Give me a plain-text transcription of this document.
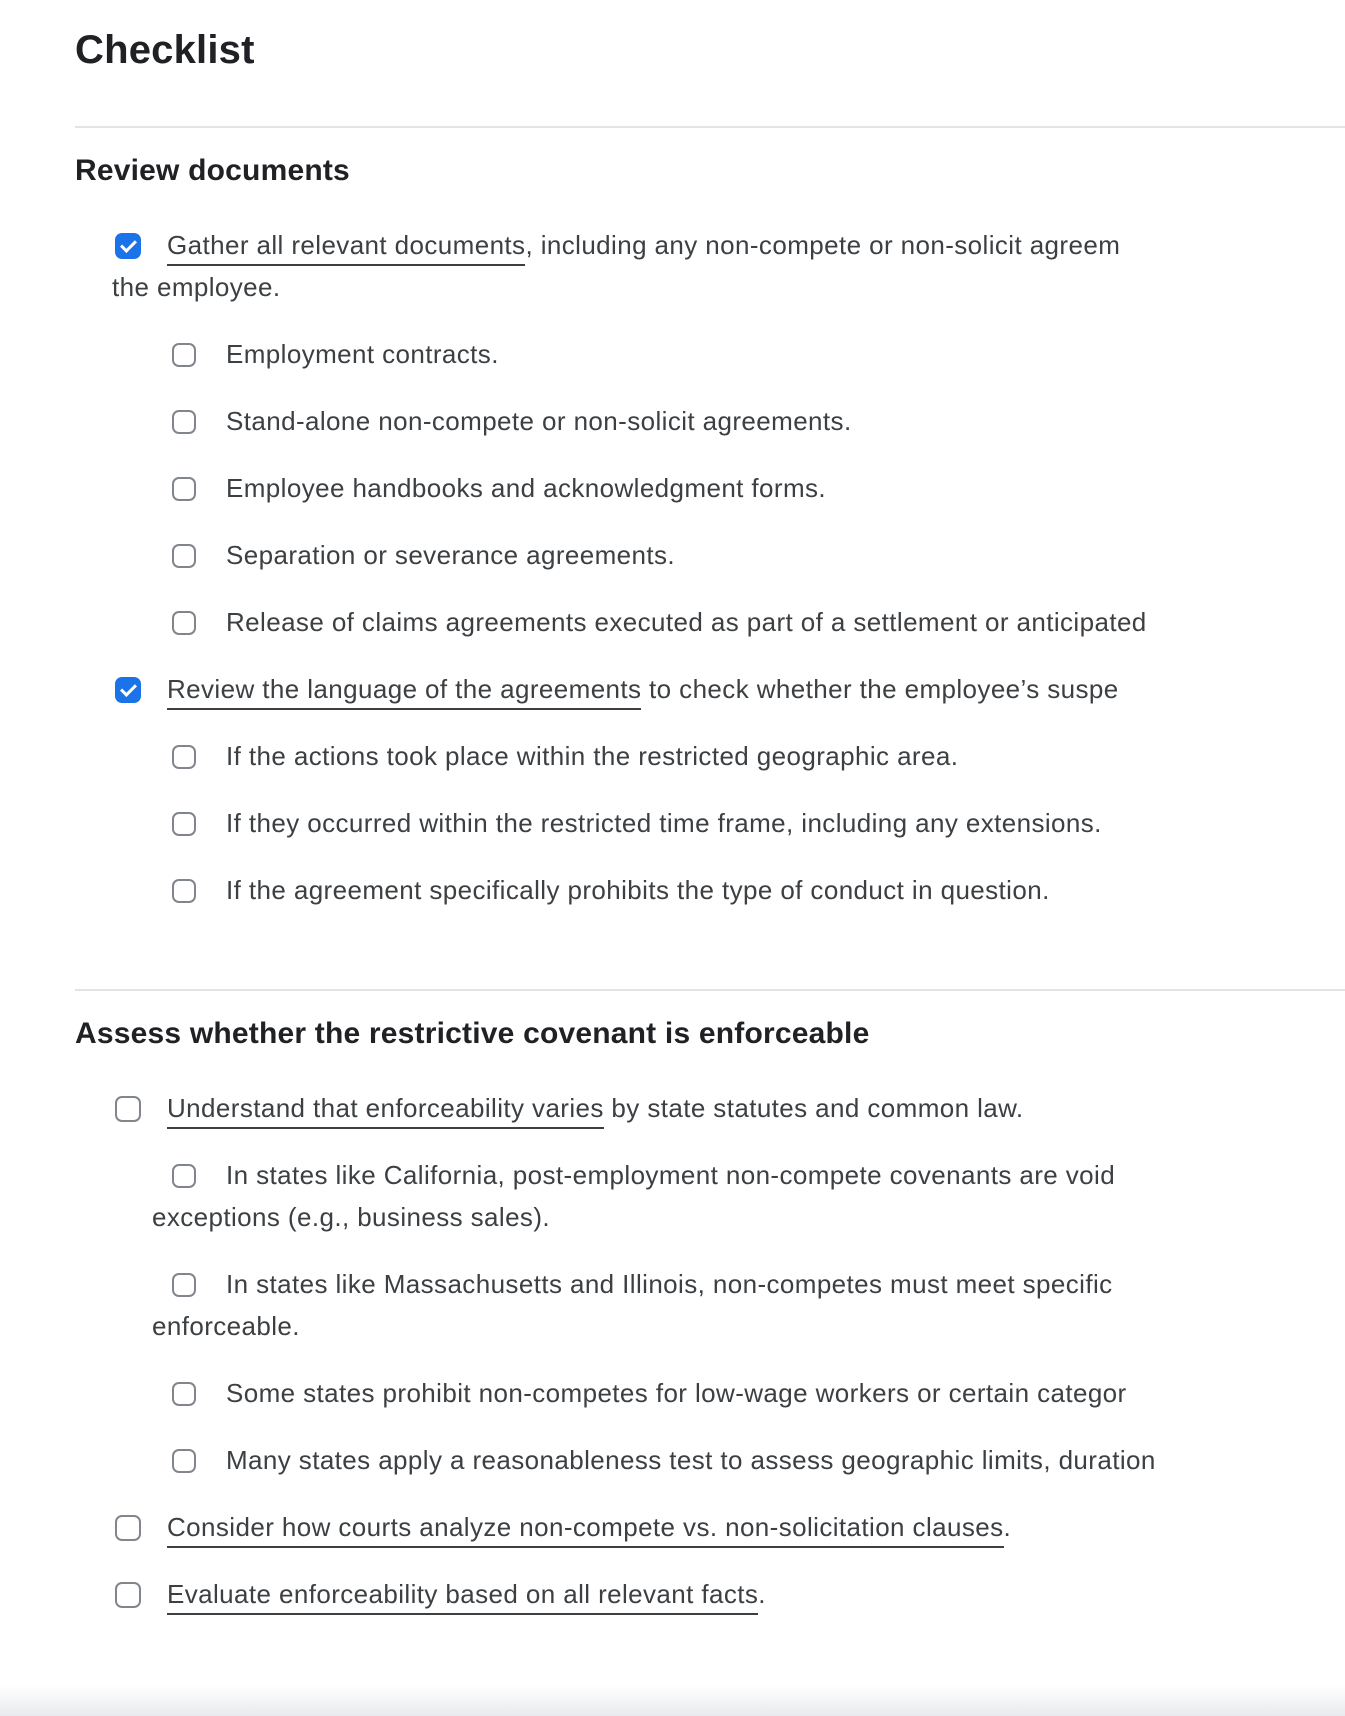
Checklist
Review documents
Gather all relevant documents, including any non-compete or non-solicit agreem
the employee.
Employment contracts.
Stand-alone non-compete or non-solicit agreements.
Employee handbooks and acknowledgment forms.
Separation or severance agreements.
Release of claims agreements executed as part of a settlement or anticipated
Review the language of the agreements to check whether the employee’s suspe
If the actions took place within the restricted geographic area.
If they occurred within the restricted time frame, including any extensions.
If the agreement specifically prohibits the type of conduct in question.
Assess whether the restrictive covenant is enforceable
Understand that enforceability varies by state statutes and common law.
In states like California, post-employment non-compete covenants are void
exceptions (e.g., business sales).
In states like Massachusetts and Illinois, non-competes must meet specific
enforceable.
Some states prohibit non-competes for low-wage workers or certain categor
Many states apply a reasonableness test to assess geographic limits, duration
Consider how courts analyze non-compete vs. non-solicitation clauses.
Evaluate enforceability based on all relevant facts.
